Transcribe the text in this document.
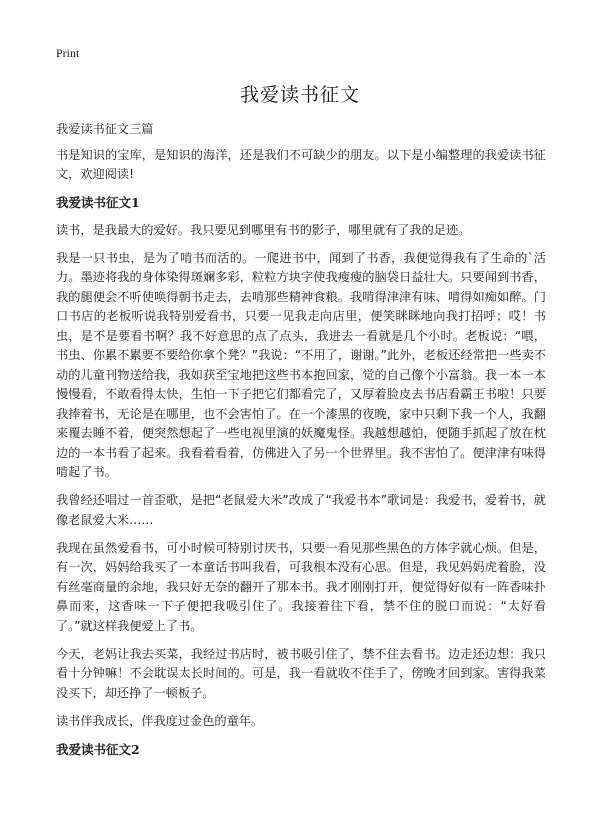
Print
我爱读书征文

我爱读书征文三篇

书是知识的宝库，是知识的海洋，还是我们不可缺少的朋友。以下是小编整理的我爱读书征文，欢迎阅读!

我爱读书征文1

读书，是我最大的爱好。我只要见到哪里有书的影子，哪里就有了我的足迹。

我是一只书虫，是为了啃书而活的。一爬进书中，闻到了书香，我便觉得我有了生命的`活力。墨迹将我的身体染得斑斓多彩，粒粒方块字使我瘦瘦的脑袋日益壮大。只要闻到书香，我的腿便会不听使唤得朝书走去，去啃那些精神食粮。我啃得津津有味、啃得如痴如醉。门口书店的老板听说我特别爱看书，只要一见我走向店里，便笑眯眯地向我打招呼；哎！书虫，是不是要看书啊？我不好意思的点了点头，我进去一看就是几个小时。老板说：“喂，书虫、你累不累要不要给你拿个凳？”我说：“不用了，谢谢。”此外，老板还经常把一些卖不动的儿童刊物送给我，我如获至宝地把这些书本抱回家，觉的自己像个小富翁。我一本一本慢慢看，不敢看得太快，生怕一下子把它们都看完了，又厚着脸皮去书店看霸王书啦！只要我捧着书，无论是在哪里，也不会害怕了。在一个漆黑的夜晚，家中只剩下我一个人，我翻来覆去睡不着，便突然想起了一些电视里演的妖魔鬼怪。我越想越怕，便随手抓起了放在枕边的一本书看了起来。我看着看着，仿佛进入了另一个世界里。我不害怕了。便津津有味得啃起了书。

我曾经还唱过一首歪歌，是把“老鼠爱大米”改成了“我爱书本”歌词是：我爱书，爱着书，就像老鼠爱大米……

我现在虽然爱看书，可小时候可特别讨厌书，只要一看见那些黑色的方体字就心烦。但是，有一次，妈妈给我买了一本童话书叫我看，可我根本没有心思。但是，我见妈妈虎着脸，没有丝毫商量的余地，我只好无奈的翻开了那本书。我才刚刚打开，便觉得好似有一阵香味扑鼻而来，这香味一下子便把我吸引住了。我接着往下看，禁不住的脱口而说：“太好看了。”就这样我便爱上了书。

今天，老妈让我去买菜，我经过书店时，被书吸引住了，禁不住去看书。边走还边想：我只看十分钟嘛！不会耽误太长时间的。可是，我一看就收不住手了，傍晚才回到家。害得我菜没买下，却还挣了一顿板子。

读书伴我成长，伴我度过金色的童年。

我爱读书征文2
